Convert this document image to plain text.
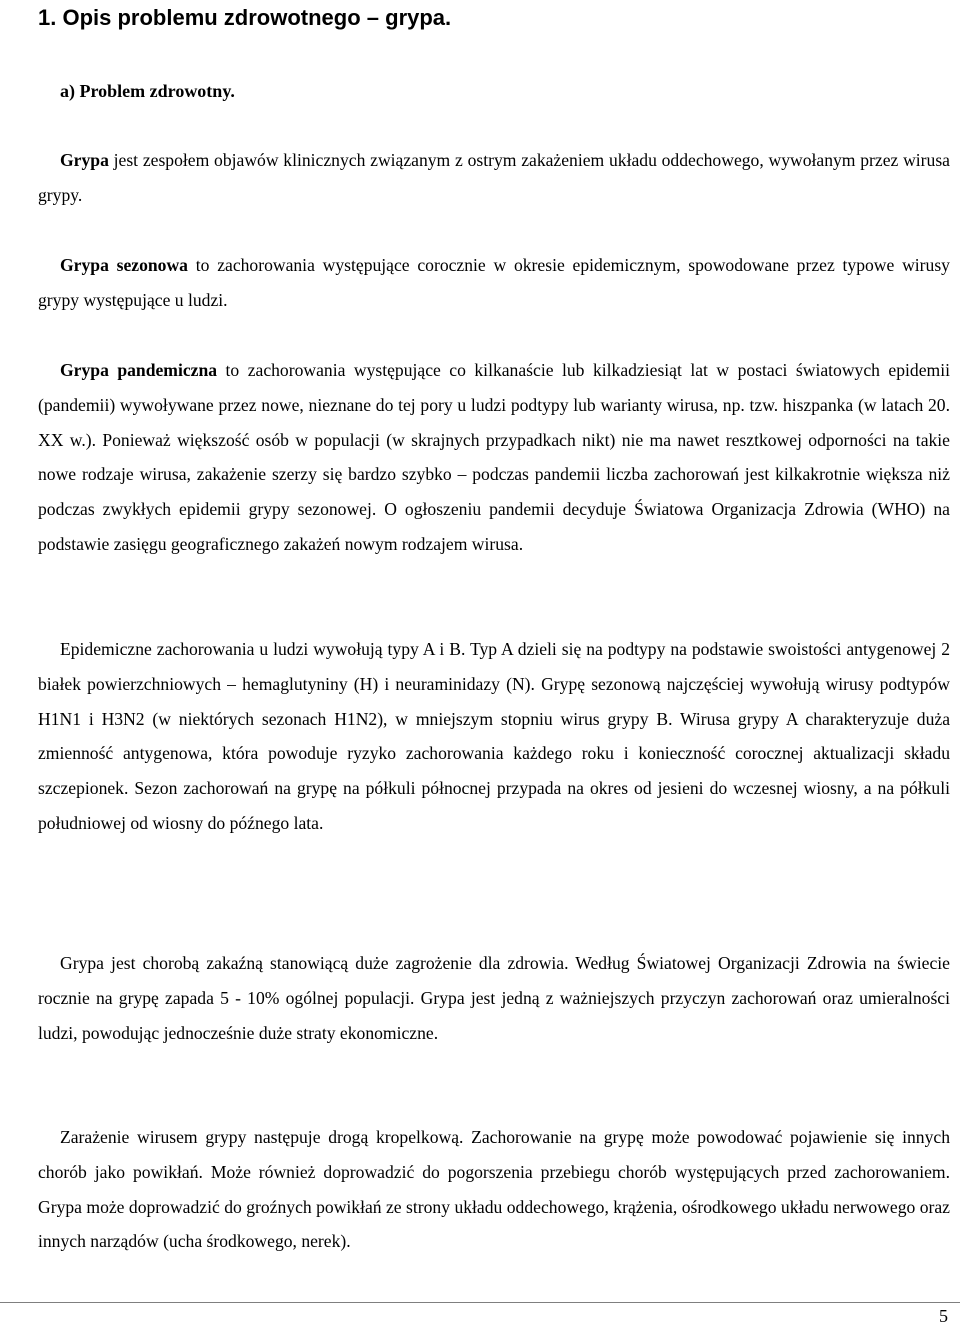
1. Opis problemu zdrowotnego – grypa.
a) Problem zdrowotny.

Grypa jest zespołem objawów klinicznych związanym z ostrym zakażeniem układu oddechowego, wywołanym przez wirusa grypy.

Grypa sezonowa to zachorowania występujące corocznie w okresie epidemicznym, spowodowane przez typowe wirusy grypy występujące u ludzi.

Grypa pandemiczna to zachorowania występujące co kilkanaście lub kilkadziesiąt lat w postaci światowych epidemii (pandemii) wywoływane przez nowe, nieznane do tej pory u ludzi podtypy lub warianty wirusa, np. tzw. hiszpanka (w latach 20. XX w.). Ponieważ większość osób w populacji (w skrajnych przypadkach nikt) nie ma nawet resztkowej odporności na takie nowe rodzaje wirusa, zakażenie szerzy się bardzo szybko – podczas pandemii liczba zachorowań jest kilkakrotnie większa niż podczas zwykłych epidemii grypy sezonowej. O ogłoszeniu pandemii decyduje Światowa Organizacja Zdrowia (WHO) na podstawie zasięgu geograficznego zakażeń nowym rodzajem wirusa.

Epidemiczne zachorowania u ludzi wywołują typy A i B. Typ A dzieli się na podtypy na podstawie swoistości antygenowej 2 białek powierzchniowych – hemaglutyniny (H) i neuraminidazy (N). Grypę sezonową najczęściej wywołują wirusy podtypów H1N1 i H3N2 (w niektórych sezonach H1N2), w mniejszym stopniu wirus grypy B. Wirusa grypy A charakteryzuje duża zmienność antygenowa, która powoduje ryzyko zachorowania każdego roku i konieczność corocznej aktualizacji składu szczepionek. Sezon zachorowań na grypę na półkuli północnej przypada na okres od jesieni do wczesnej wiosny, a na półkuli południowej od wiosny do późnego lata.

Grypa jest chorobą zakaźną stanowiącą duże zagrożenie dla zdrowia. Według Światowej Organizacji Zdrowia na świecie rocznie na grypę zapada 5 - 10% ogólnej populacji. Grypa jest jedną z ważniejszych przyczyn zachorowań oraz umieralności ludzi, powodując jednocześnie duże straty ekonomiczne.

Zarażenie wirusem grypy następuje drogą kropelkową. Zachorowanie na grypę może powodować pojawienie się innych chorób jako powikłań. Może również doprowadzić do pogorszenia przebiegu chorób występujących przed zachorowaniem. Grypa może doprowadzić do groźnych powikłań ze strony układu oddechowego, krążenia, ośrodkowego układu nerwowego oraz innych narządów (ucha środkowego, nerek).

5
